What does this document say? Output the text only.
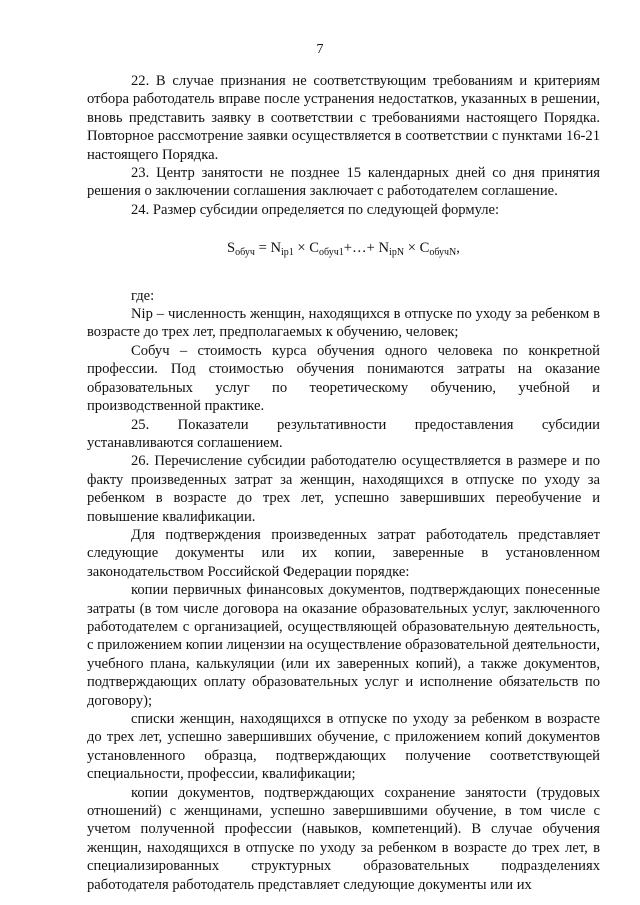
7

22. В случае признания не соответствующим требованиям и критериям отбора работодатель вправе после устранения недостатков, указанных в решении, вновь представить заявку в соответствии с требованиями настоящего Порядка. Повторное рассмотрение заявки осуществляется в соответствии с пунктами 16-21 настоящего Порядка.

23. Центр занятости не позднее 15 календарных дней со дня принятия решения о заключении соглашения заключает с работодателем соглашение.

24. Размер субсидии определяется по следующей формуле:

$S_{обуч} = N_{ip1}$ × $C_{обуч1}+\dots+ N_{ipN} \times C_{обучN}$,

где:

Nip – численность женщин, находящихся в отпуске по уходу за ребенком в возрасте до трех лет, предполагаемых к обучению, человек;

Cобуч – стоимость курса обучения одного человека по конкретной профессии. Под стоимостью обучения понимаются затраты на оказание образовательных услуг по теоретическому обучению, учебной и производственной практике.

25. Показатели результативности предоставления субсидии устанавливаются соглашением.

26. Перечисление субсидии работодателю осуществляется в размере и по факту произведенных затрат за женщин, находящихся в отпуске по уходу за ребенком в возрасте до трех лет, успешно завершивших переобучение и повышение квалификации.

Для подтверждения произведенных затрат работодатель представляет следующие документы или их копии, заверенные в установленном законодательством Российской Федерации порядке:

копии первичных финансовых документов, подтверждающих понесенные затраты (в том числе договора на оказание образовательных услуг, заключенного работодателем с организацией, осуществляющей образовательную деятельность, с приложением копии лицензии на осуществление образовательной деятельности, учебного плана, калькуляции (или их заверенных копий), а также документов, подтверждающих оплату образовательных услуг и исполнение обязательств по договору);

списки женщин, находящихся в отпуске по уходу за ребенком в возрасте до трех лет, успешно завершивших обучение, с приложением копий документов установленного образца, подтверждающих получение соответствующей специальности, профессии, квалификации;

копии документов, подтверждающих сохранение занятости (трудовых отношений) с женщинами, успешно завершившими обучение, в том числе с учетом полученной профессии (навыков, компетенций). В случае обучения женщин, находящихся в отпуске по уходу за ребенком в возрасте до трех лет, в специализированных структурных образовательных подразделениях работодателя работодатель представляет следующие документы или их
